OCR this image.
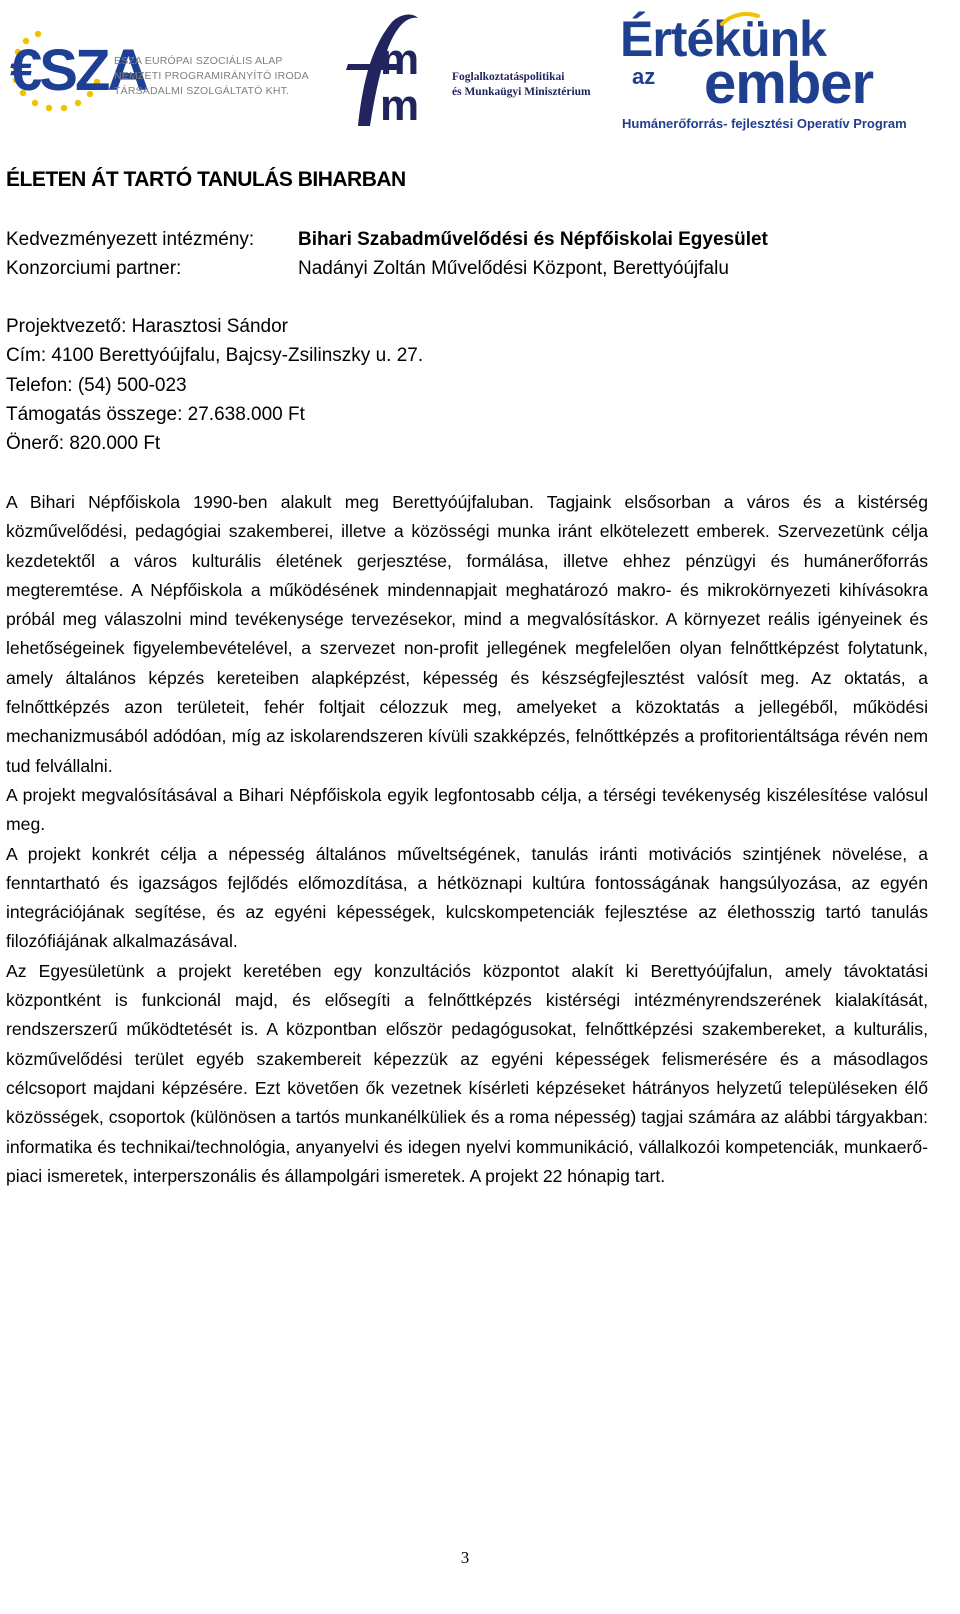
€SZA
ESZA EURÓPAI SZOCIÁLIS ALAP
NEMZETI PROGRAMIRÁNYÍTÓ IRODA
TÁRSADALMI SZOLGÁLTATÓ KHT.
m
m
Foglalkoztatáspolitikai
és Munkaügyi Minisztérium
Értékünk
az ember
Humánerőforrás- fejlesztési Operatív Program
ÉLETEN ÁT TARTÓ TANULÁS BIHARBAN
Kedvezményezett intézmény: Bihari Szabadművelődési és Népfőiskolai Egyesület
Konzorciumi partner:	Nadányi Zoltán Művelődési Központ, Berettyóújfalu
Projektvezető: Harasztosi Sándor
Cím: 4100 Berettyóújfalu, Bajcsy-Zsilinszky u. 27.
Telefon: (54) 500-023
Támogatás összege: 27.638.000 Ft
Önerő: 820.000 Ft

A Bihari Népfőiskola 1990-ben alakult meg Berettyóújfaluban. Tagjaink elsősorban a város és a kistérség közművelődési, pedagógiai szakemberei, illetve a közösségi munka iránt elkötelezett emberek. Szervezetünk célja kezdetektől a város kulturális életének gerjesztése, formálása, illetve ehhez pénzügyi és humánerőforrás megteremtése. A Népfőiskola a működésének mindennapjait meghatározó makro- és mikrokörnyezeti kihívásokra próbál meg válaszolni mind tevékenysége tervezésekor, mind a megvalósításkor. A környezet reális igényeinek és lehetőségeinek figyelembevételével, a szervezet non-profit jellegének megfelelően olyan felnőttképzést folytatunk, amely általános képzés kereteiben alapképzést, képesség és készségfejlesztést valósít meg. Az oktatás, a felnőttképzés azon területeit, fehér foltjait célozzuk meg, amelyeket a közoktatás a jellegéből, működési mechanizmusából adódóan, míg az iskolarendszeren kívüli szakképzés, felnőttképzés a profitorientáltsága révén nem tud felvállalni.

A projekt megvalósításával a Bihari Népfőiskola egyik legfontosabb célja, a térségi tevékenység kiszélesítése valósul meg.

A projekt konkrét célja a népesség általános műveltségének, tanulás iránti motivációs szintjének növelése, a fenntartható és igazságos fejlődés előmozdítása, a hétköznapi kultúra fontosságának hangsúlyozása, az egyén integrációjának segítése, és az egyéni képességek, kulcskompetenciák fejlesztése az élethosszig tartó tanulás filozófiájának alkalmazásával.

Az Egyesületünk a projekt keretében egy konzultációs központot alakít ki Berettyóújfalun, amely távoktatási központként is funkcionál majd, és elősegíti a felnőttképzés kistérségi intézményrendszerének kialakítását, rendszerszerű működtetését is. A központban először pedagógusokat, felnőttképzési szakembereket, a kulturális, közművelődési terület egyéb szakembereit képezzük az egyéni képességek felismerésére és a másodlagos célcsoport majdani képzésére. Ezt követően ők vezetnek kísérleti képzéseket hátrányos helyzetű településeken élő közösségek, csoportok (különösen a tartós munkanélküliek és a roma népesség) tagjai számára az alábbi tárgyakban: informatika és technikai/technológia, anyanyelvi és idegen nyelvi kommunikáció, vállalkozói kompetenciák, munkaerő-piaci ismeretek, interperszonális és állampolgári ismeretek. A projekt 22 hónapig tart.

3
